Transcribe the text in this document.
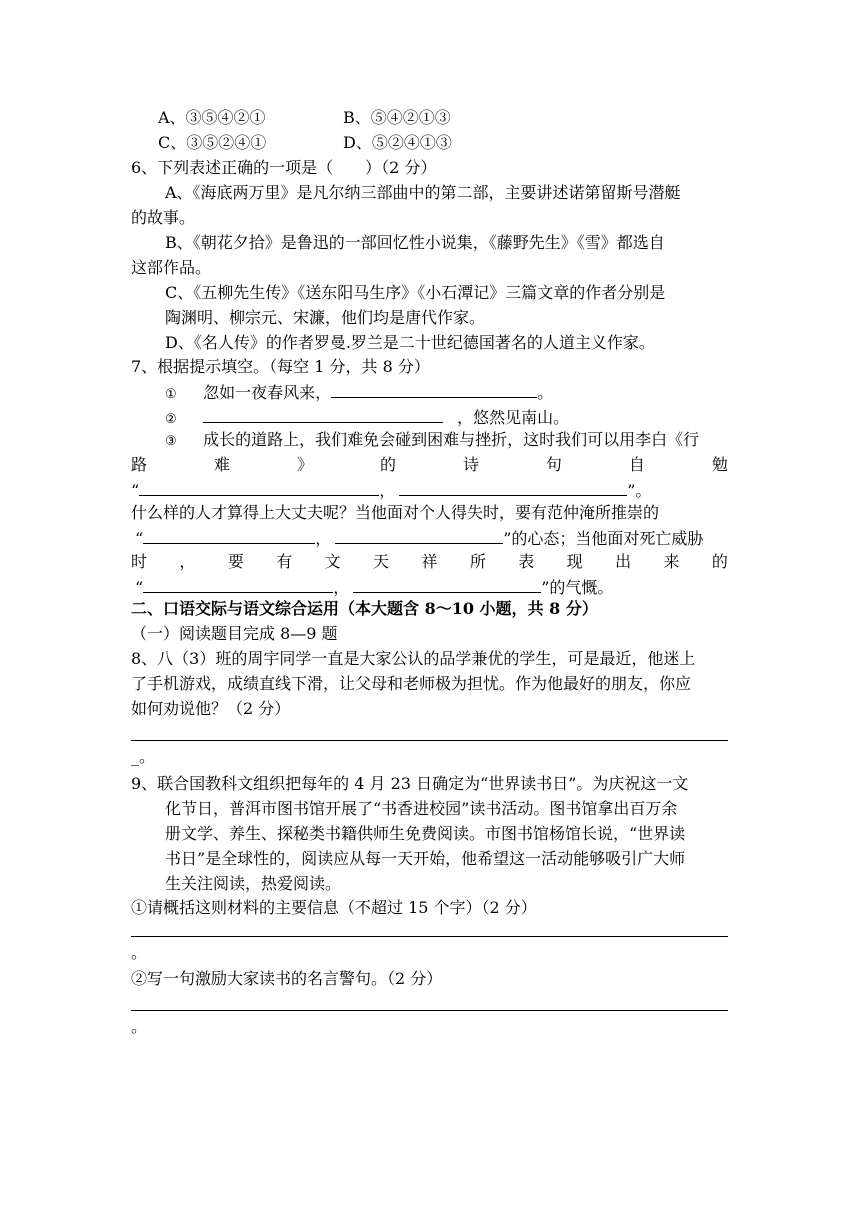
A、③⑤④②①	B、⑤④②①③
C、③⑤②④①	D、⑤②④①③
6、下列表述正确的一项是（　　）（2 分）
A、《海底两万里》是凡尔纳三部曲中的第二部，主要讲述诺第留斯号潜艇
的故事。
B、《朝花夕拾》是鲁迅的一部回忆性小说集，《藤野先生》《雪》都选自
这部作品。
C、《五柳先生传》《送东阳马生序》《小石潭记》三篇文章的作者分别是
陶渊明、柳宗元、宋濂，他们均是唐代作家。
D、《名人传》的作者罗曼.罗兰是二十世纪德国著名的人道主义作家。
7、根据提示填空。（每空 1 分，共 8 分）
① 忽如一夜春风来，	。
②	，悠然见南山。
③ 成长的道路上，我们难免会碰到困难与挫折，这时我们可以用李白《行
路	难	》	的	诗	句	自	勉
“	，	”。
什么样的人才算得上大丈夫呢？当他面对个人得失时，要有范仲淹所推崇的
“	，	”的心态；当他面对死亡威胁
时 ， 要 有 文 天 祥 所 表 现 出 来 的
“	，	”的气慨。
二、口语交际与语文综合运用（本大题含 8～10 小题，共 8 分）
（一）阅读题目完成 8—9 题
8、八（3）班的周宇同学一直是大家公认的品学兼优的学生，可是最近，他迷上
了手机游戏，成绩直线下滑，让父母和老师极为担忧。作为他最好的朋友，你应
如何劝说他？（2 分）
_。
9、联合国教科文组织把每年的 4 月 23 日确定为“世界读书日”。为庆祝这一文
化节日，普洱市图书馆开展了“书香进校园”读书活动。图书馆拿出百万余
册文学、养生、探秘类书籍供师生免费阅读。市图书馆杨馆长说，“世界读
书日”是全球性的，阅读应从每一天开始，他希望这一活动能够吸引广大师
生关注阅读，热爱阅读。
①请概括这则材料的主要信息（不超过 15 个字）（2 分）
。
②写一句激励大家读书的名言警句。（2 分）
。
